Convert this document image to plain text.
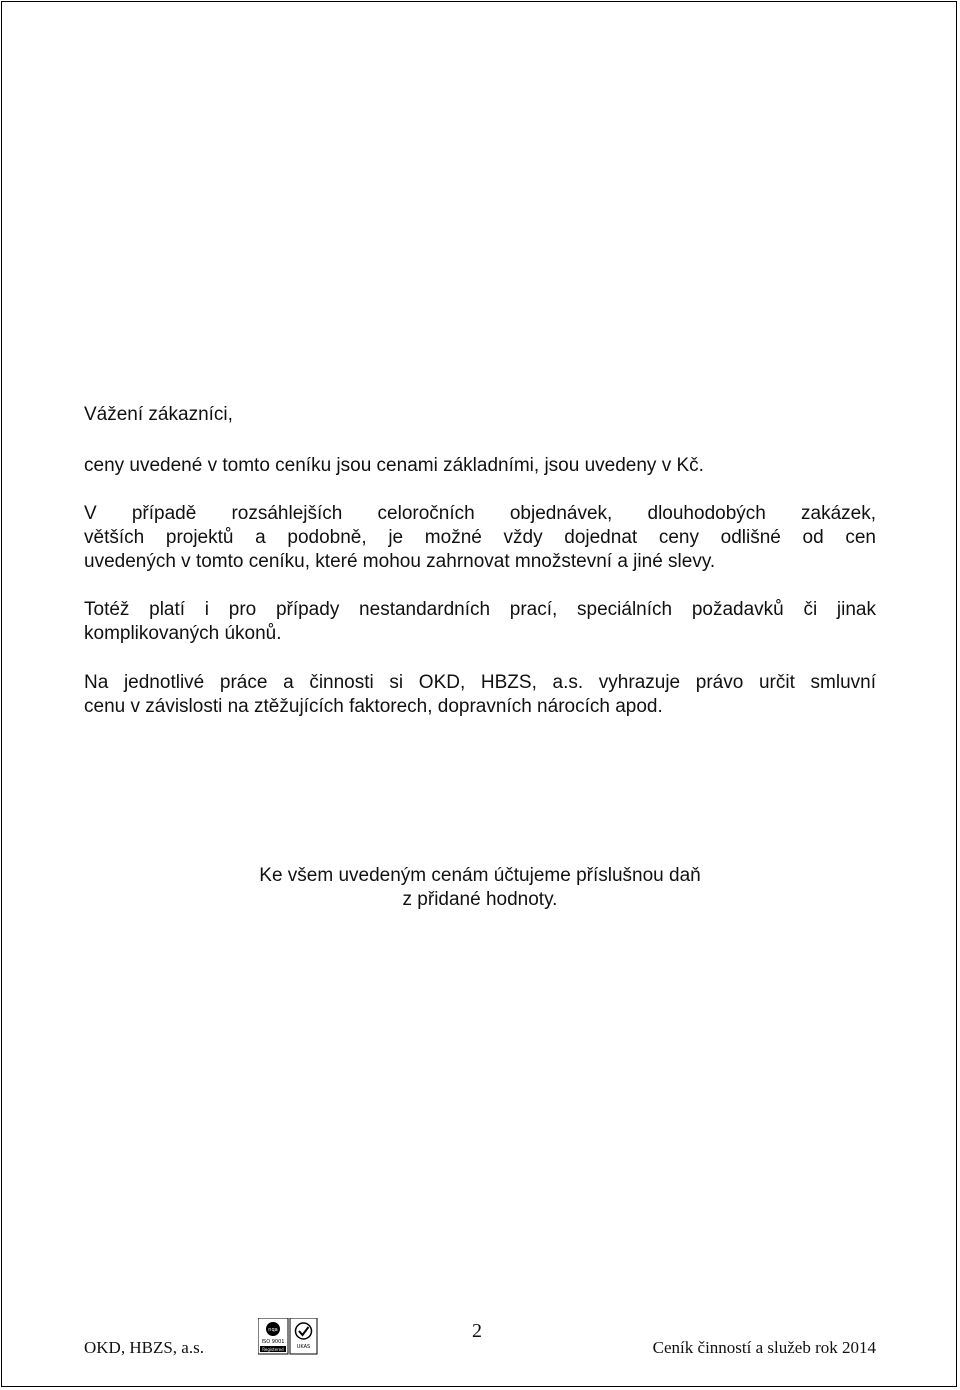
Vážení zákazníci,
ceny uvedené v tomto ceníku jsou cenami základními, jsou uvedeny v Kč.
V případě rozsáhlejších celoročních objednávek, dlouhodobých zakázek,
větších projektů a podobně, je možné vždy dojednat ceny odlišné od cen
uvedených v tomto ceníku, které mohou zahrnovat množstevní a jiné slevy.
Totéž platí i pro případy nestandardních prací, speciálních požadavků či jinak
komplikovaných úkonů.
Na jednotlivé práce a činnosti si OKD, HBZS, a.s. vyhrazuje právo určit smluvní
cenu v závislosti na ztěžujících faktorech, dopravních nárocích apod.
Ke všem uvedeným cenám účtujeme příslušnou daň
z přidané hodnoty.
OKD, HBZS, a.s.
nqa
ISO 9001
Registered	UKAS
2
Ceník činností a služeb rok 2014
